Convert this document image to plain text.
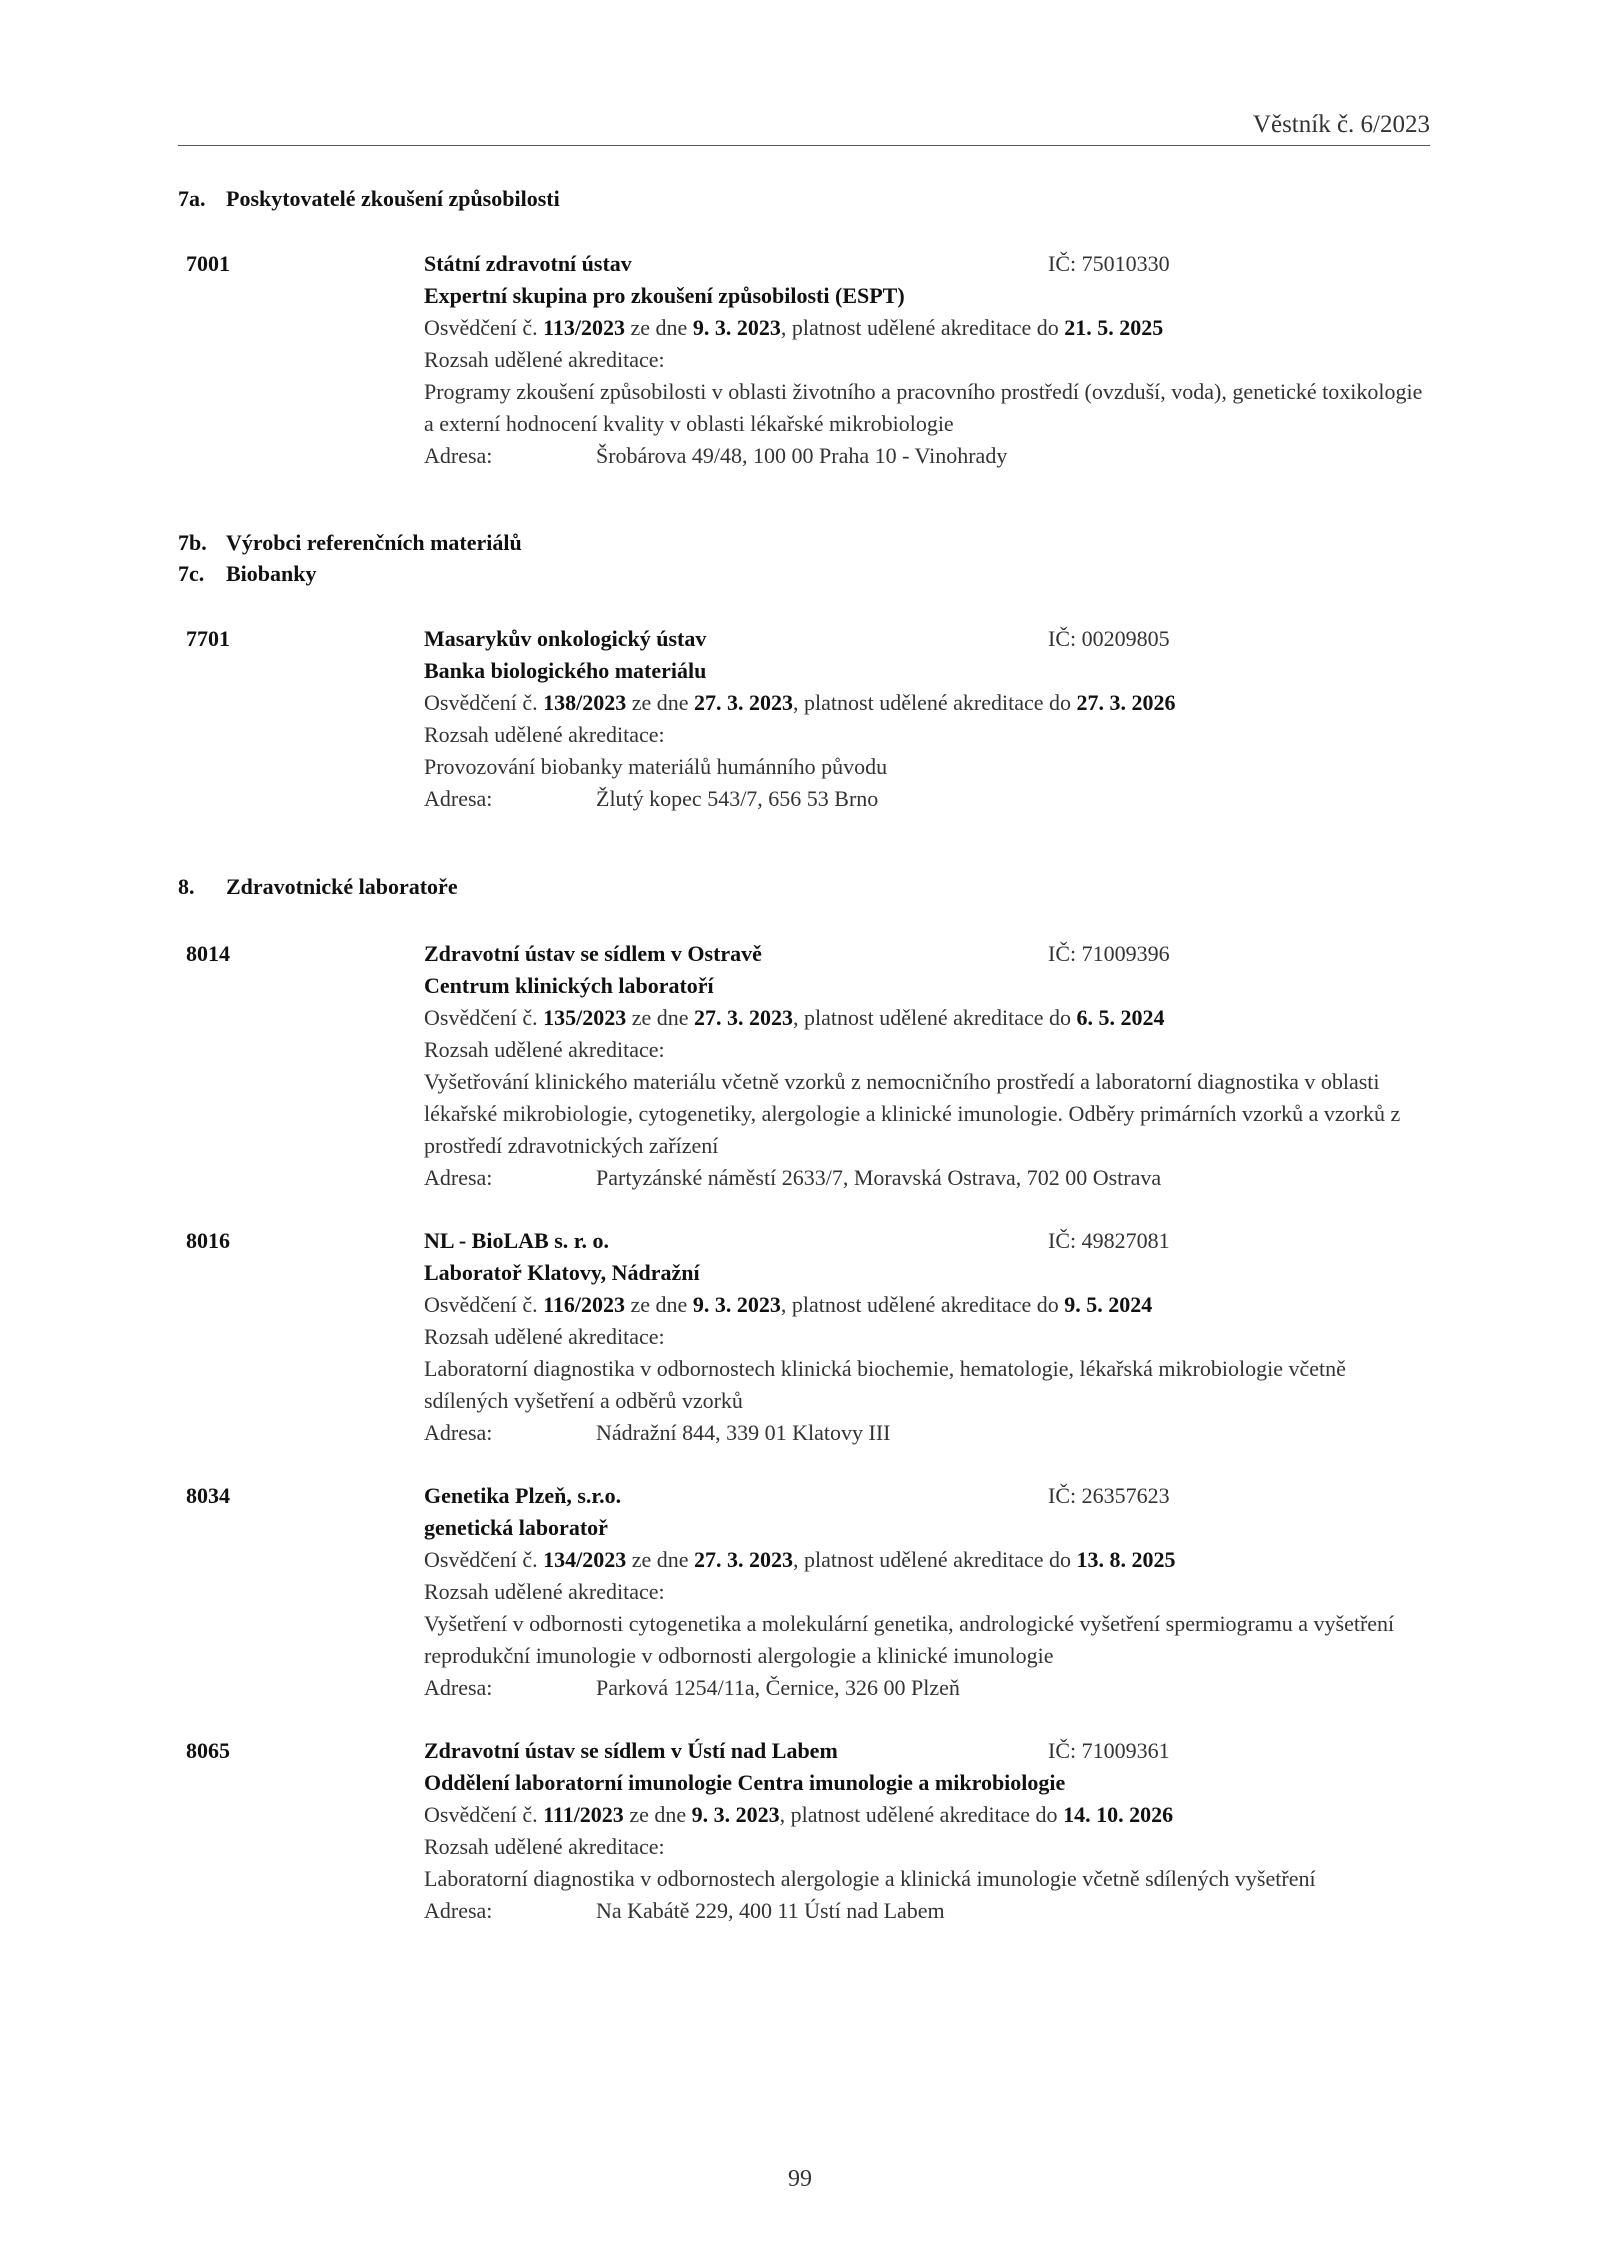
Věstník č. 6/2023
7a. Poskytovatelé zkoušení způsobilosti
7001	Státní zdravotní ústav	IČ: 75010330
Expertní skupina pro zkoušení způsobilosti (ESPT)
Osvědčení č. 113/2023 ze dne 9. 3. 2023, platnost udělené akreditace do 21. 5. 2025
Rozsah udělené akreditace:
Programy zkoušení způsobilosti v oblasti životního a pracovního prostředí (ovzduší, voda), genetické toxikologie a externí hodnocení kvality v oblasti lékařské mikrobiologie
Adresa:	Šrobárova 49/48, 100 00 Praha 10 - Vinohrady
7b. Výrobci referenčních materiálů
7c. Biobanky
7701	Masarykův onkologický ústav	IČ: 00209805
Banka biologického materiálu
Osvědčení č. 138/2023 ze dne 27. 3. 2023, platnost udělené akreditace do 27. 3. 2026
Rozsah udělené akreditace:
Provozování biobanky materiálů humánního původu
Adresa:	Žlutý kopec 543/7, 656 53 Brno
8. Zdravotnické laboratoře
8014	Zdravotní ústav se sídlem v Ostravě	IČ: 71009396
Centrum klinických laboratoří
Osvědčení č. 135/2023 ze dne 27. 3. 2023, platnost udělené akreditace do 6. 5. 2024
Rozsah udělené akreditace:
Vyšetřování klinického materiálu včetně vzorků z nemocničního prostředí a laboratorní diagnostika v oblasti lékařské mikrobiologie, cytogenetiky, alergologie a klinické imunologie. Odběry primárních vzorků a vzorků z prostředí zdravotnických zařízení
Adresa:	Partyzánské náměstí 2633/7, Moravská Ostrava, 702 00 Ostrava
8016	NL - BioLAB s. r. o.	IČ: 49827081
Laboratoř Klatovy, Nádražní
Osvědčení č. 116/2023 ze dne 9. 3. 2023, platnost udělené akreditace do 9. 5. 2024
Rozsah udělené akreditace:
Laboratorní diagnostika v odbornostech klinická biochemie, hematologie, lékařská mikrobiologie včetně sdílených vyšetření a odběrů vzorků
Adresa:	Nádražní 844, 339 01 Klatovy III
8034	Genetika Plzeň, s.r.o.	IČ: 26357623
genetická laboratoř
Osvědčení č. 134/2023 ze dne 27. 3. 2023, platnost udělené akreditace do 13. 8. 2025
Rozsah udělené akreditace:
Vyšetření v odbornosti cytogenetika a molekulární genetika, andrologické vyšetření spermiogramu a vyšetření reprodukční imunologie v odbornosti alergologie a klinické imunologie
Adresa:	Parková 1254/11a, Černice, 326 00 Plzeň
8065	Zdravotní ústav se sídlem v Ústí nad Labem	IČ: 71009361
Oddělení laboratorní imunologie Centra imunologie a mikrobiologie
Osvědčení č. 111/2023 ze dne 9. 3. 2023, platnost udělené akreditace do 14. 10. 2026
Rozsah udělené akreditace:
Laboratorní diagnostika v odbornostech alergologie a klinická imunologie včetně sdílených vyšetření
Adresa:	Na Kabátě 229, 400 11 Ústí nad Labem
99
